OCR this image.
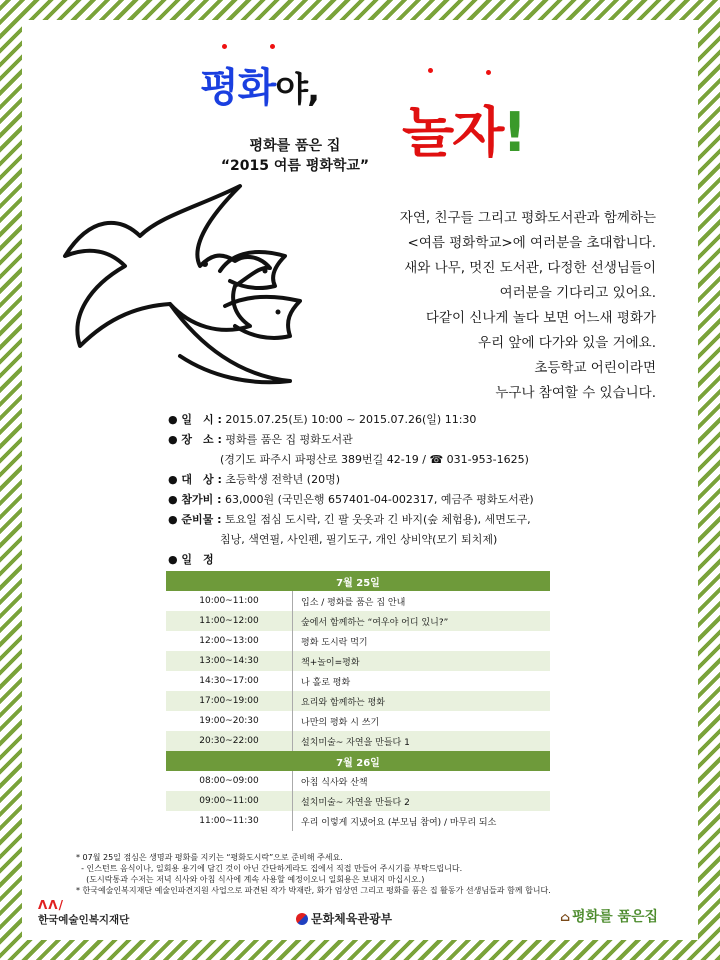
평화야,
놀자!
평화를 품은 집
“2015 여름 평화학교”
자연, 친구들 그리고 평화도서관과 함께하는
<여름 평화학교>에 여러분을 초대합니다.
새와 나무, 멋진 도서관, 다정한 선생님들이
여러분을 기다리고 있어요.
다같이 신나게 놀다 보면 어느새 평화가
우리 앞에 다가와 있을 거에요.
초등학교 어린이라면
누구나 참여할 수 있습니다.
● 일　시 : 2015.07.25(토) 10:00 ~ 2015.07.26(일) 11:30
● 장　소 : 평화를 품은 집 평화도서관
(경기도 파주시 파평산로 389번길 42-19 / ☎ 031-953-1625)
● 대　상 : 초등학생 전학년 (20명)
● 참가비 : 63,000원 (국민은행 657401-04-002317, 예금주 평화도서관)
● 준비물 : 토요일 점심 도시락, 긴 팔 웃옷과 긴 바지(숲 체험용), 세면도구,
침낭, 색연필, 사인펜, 필기도구, 개인 상비약(모기 퇴치제)
● 일　정
7월 25일	
10:00~11:00	입소 / 평화를 품은 집 안내
11:00~12:00	숲에서 함께하는 “여우야 어디 있니?”
12:00~13:00	평화 도시락 먹기
13:00~14:30	책+놀이=평화
14:30~17:00	나 홀로 평화
17:00~19:00	요리와 함께하는 평화
19:00~20:30	나만의 평화 시 쓰기
20:30~22:00	설치미술~ 자연을 만들다 1
7월 26일	
08:00~09:00	아침 식사와 산책
09:00~11:00	설치미술~ 자연을 만들다 2
11:00~11:30	우리 이렇게 지냈어요 (부모님 참여) / 마무리 되소
* 07월 25일 점심은 생명과 평화를 지키는 “평화도시락”으로 준비해 주세요.
- 인스턴트 음식이나, 일회용 용기에 담긴 것이 아닌 간단하게라도 집에서 직접 만들어 주시기를 부탁드립니다.
(도시락통과 수저는 저녁 식사와 아침 식사에 계속 사용할 예정이오니 일회용은 보내지 마십시오.)
* 한국예술인복지재단 예술인파견지원 사업으로 파견된 작가 박재란, 화가 엄상연 그리고 평화를 품은 집 활동가 선생님들과 함께 합니다.
ᐱᐱ/
한국예술인복지재단	문화체육관광부	⌂ 평화를 품은집
